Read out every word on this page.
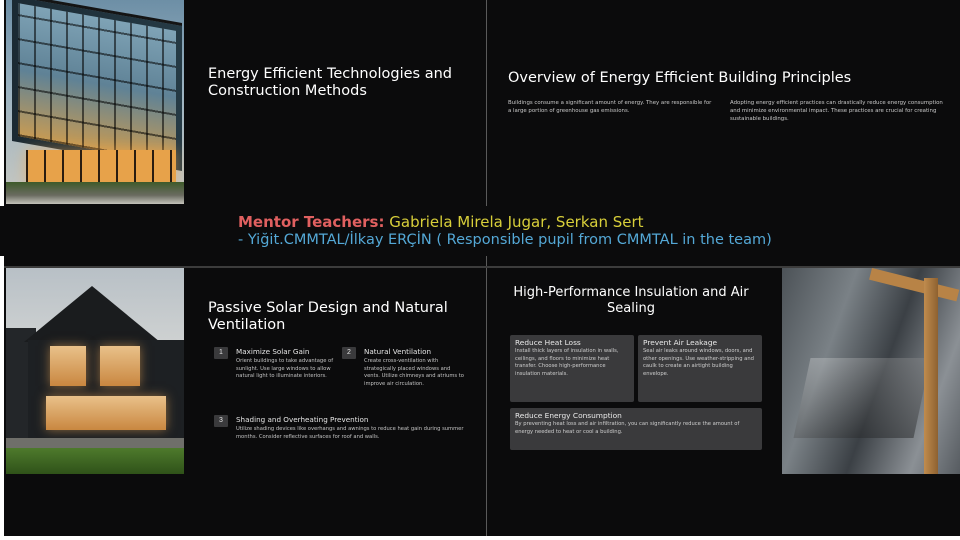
Energy Efficient Technologies and Construction Methods
Overview of Energy Efficient Building Principles
Buildings consume a significant amount of energy. They are responsible for a large portion of greenhouse gas emissions.
Adopting energy efficient practices can drastically reduce energy consumption and minimize environmental impact. These practices are crucial for creating sustainable buildings.
Passive Solar Design and Natural Ventilation
1	Maximize Solar Gain
Orient buildings to take advantage of sunlight. Use large windows to allow natural light to illuminate interiors.
2	Natural Ventilation
Create cross-ventilation with strategically placed windows and vents. Utilize chimneys and atriums to improve air circulation.
3	Shading and Overheating Prevention
Utilize shading devices like overhangs and awnings to reduce heat gain during summer months. Consider reflective surfaces for roof and walls.
High-Performance Insulation and Air Sealing
Reduce Heat Loss
Install thick layers of insulation in walls, ceilings, and floors to minimize heat transfer. Choose high-performance insulation materials.
Prevent Air Leakage
Seal air leaks around windows, doors, and other openings. Use weather-stripping and caulk to create an airtight building envelope.
Reduce Energy Consumption
By preventing heat loss and air infiltration, you can significantly reduce the amount of energy needed to heat or cool a building.
Mentor Teachers: Gabriela Mirela Jugar, Serkan Sert
- Yiğit.CMMTAL/İlkay ERÇİN ( Responsible pupil from CMMTAL in the team)
